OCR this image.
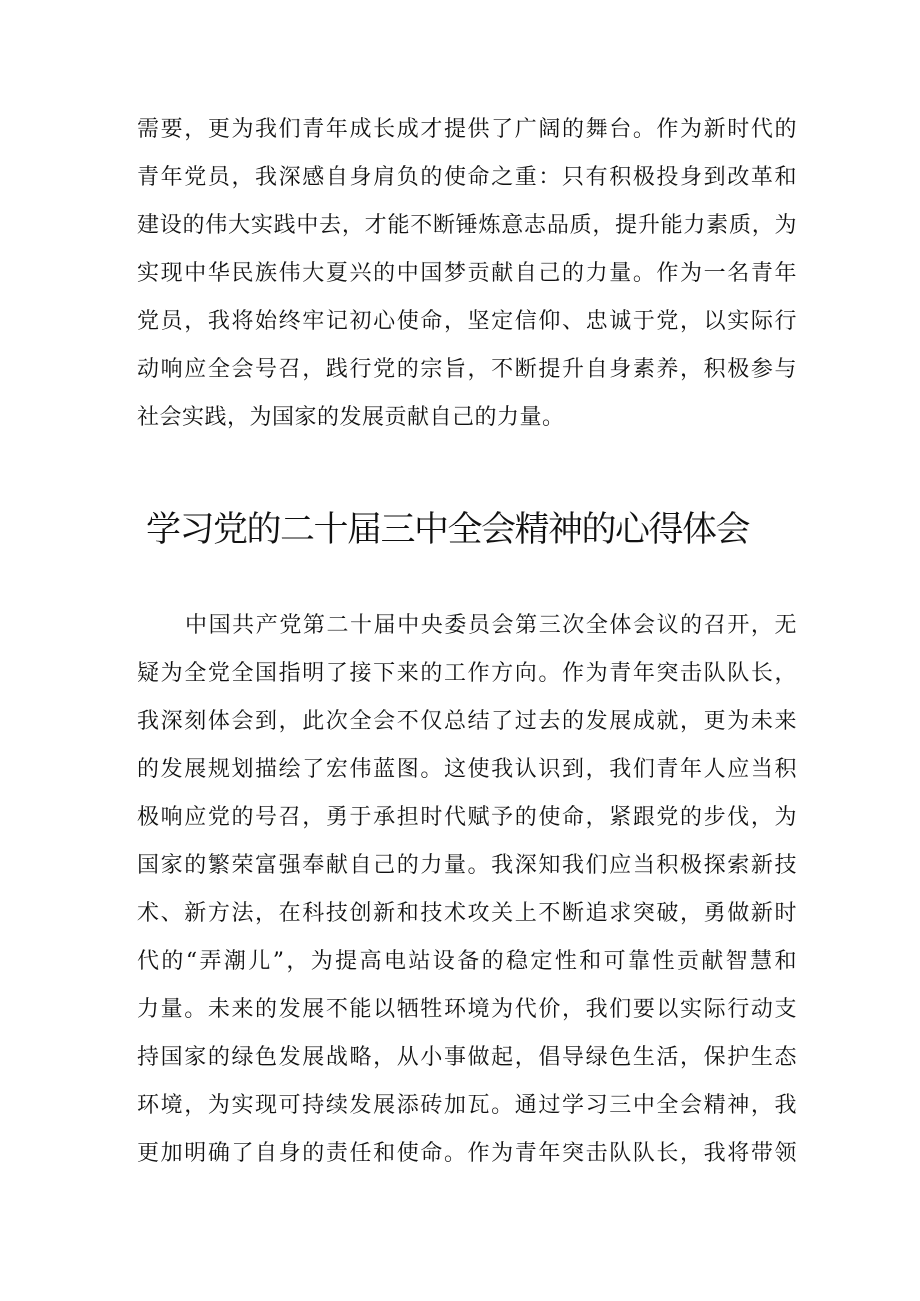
需要，更为我们青年成长成才提供了广阔的舞台。作为新时代的
青年党员，我深感自身肩负的使命之重：只有积极投身到改革和
建设的伟大实践中去，才能不断锤炼意志品质，提升能力素质，为
实现中华民族伟大夏兴的中国梦贡献自己的力量。作为一名青年
党员，我将始终牢记初心使命，坚定信仰、忠诚于党，以实际行
动响应全会号召，践行党的宗旨，不断提升自身素养，积极参与
社会实践，为国家的发展贡献自己的力量。
学习党的二十届三中全会精神的心得体会
中国共产党第二十届中央委员会第三次全体会议的召开，无
疑为全党全国指明了接下来的工作方向。作为青年突击队队长，
我深刻体会到，此次全会不仅总结了过去的发展成就，更为未来
的发展规划描绘了宏伟蓝图。这使我认识到，我们青年人应当积
极响应党的号召，勇于承担时代赋予的使命，紧跟党的步伐，为
国家的繁荣富强奉献自己的力量。我深知我们应当积极探索新技
术、新方法，在科技创新和技术攻关上不断追求突破，勇做新时
代的“弄潮儿”，为提高电站设备的稳定性和可靠性贡献智慧和
力量。未来的发展不能以牺牲环境为代价，我们要以实际行动支
持国家的绿色发展战略，从小事做起，倡导绿色生活，保护生态
环境，为实现可持续发展添砖加瓦。通过学习三中全会精神，我
更加明确了自身的责任和使命。作为青年突击队队长，我将带领
